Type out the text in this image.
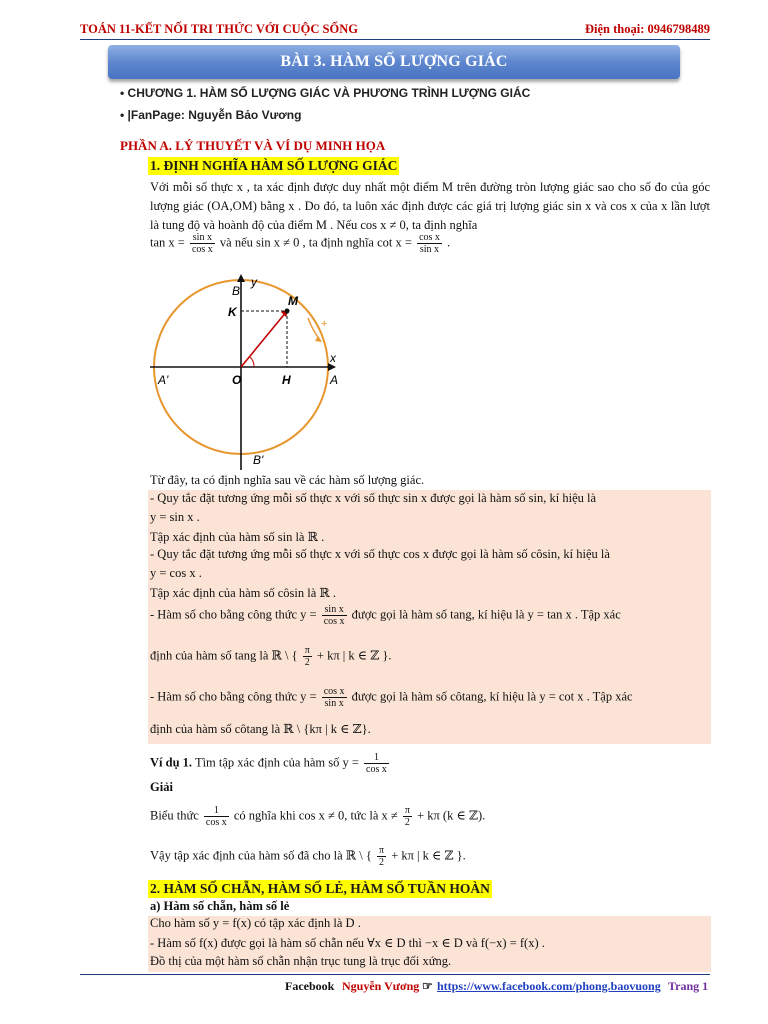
TOÁN 11-KẾT NỐI TRI THỨC VỚI CUỘC SỐNG	Điện thoại: 0946798489
BÀI 3. HÀM SỐ LƯỢNG GIÁC
• CHƯƠNG 1. HÀM SỐ LƯỢNG GIÁC VÀ PHƯƠNG TRÌNH LƯỢNG GIÁC
• |FanPage: Nguyễn Bảo Vương
PHẦN A. LÝ THUYẾT VÀ VÍ DỤ MINH HỌA
1. ĐỊNH NGHĨA HÀM SỐ LƯỢNG GIÁC
Với mỗi số thực x , ta xác định được duy nhất một điểm M trên đường tròn lượng giác sao cho số đo của góc lượng giác (OA,OM) bằng x . Do đó, ta luôn xác định được các giá trị lượng giác sin x và cos x của x lần lượt là tung độ và hoành độ của điểm M . Nếu cos x ≠ 0, ta định nghĩa
$\tan x = \frac{\text{sin x}}{\text{cos x}}$ và nếu sin x ≠ 0 , ta định nghĩa $\cot x = \frac{\text{cos x}}{\text{sin x}}$ .
B
y
M
K
+
x
A'	O	H	A
B'
Từ đây, ta có định nghĩa sau về các hàm số lượng giác.
- Quy tắc đặt tương ứng mỗi số thực x với số thực sin x được gọi là hàm số sin, kí hiệu là
y = sin x .
Tập xác định của hàm số sin là ℝ .
- Quy tắc đặt tương ứng mỗi số thực x với số thực cos x được gọi là hàm số côsin, kí hiệu là
y = cos x .
Tập xác định của hàm số côsin là ℝ .
- Hàm số cho bằng công thức $y = \frac{\text{sin x}}{\text{cos x}}$ được gọi là hàm số tang, kí hiệu là y = tan x . Tập xác
định của hàm số tang là ℝ \ { $\frac{\pi}{2} + k\pi$ | k ∈ ℤ }.
- Hàm số cho bằng công thức $y = \frac{\text{cos x}}{\text{sin x}}$ được gọi là hàm số côtang, kí hiệu là y = cot x . Tập xác
định của hàm số côtang là ℝ \ {kπ | k ∈ ℤ}.
Ví dụ 1. Tìm tập xác định của hàm số $y = \frac{1}{\text{cos x}}$
Giải
Biểu thức $\frac{1}{\text{cos x}}$ có nghĩa khi cos x ≠ 0, tức là $x \ne \frac{\pi}{2} + k\pi$ (k ∈ ℤ).
Vậy tập xác định của hàm số đã cho là ℝ \ { $\frac{\pi}{2} + k\pi$ | k ∈ ℤ }.
2. HÀM SỐ CHẴN, HÀM SỐ LẺ, HÀM SỐ TUẦN HOÀN
a) Hàm số chẵn, hàm số lẻ
Cho hàm số y = f(x) có tập xác định là D .
- Hàm số f(x) được gọi là hàm số chẵn nếu ∀x ∈ D thì −x ∈ D và f(−x) = f(x) .
Đồ thị của một hàm số chẵn nhận trục tung là trục đối xứng.
Facebook Nguyễn Vương ☞ https://www.facebook.com/phong.baovuong Trang 1
